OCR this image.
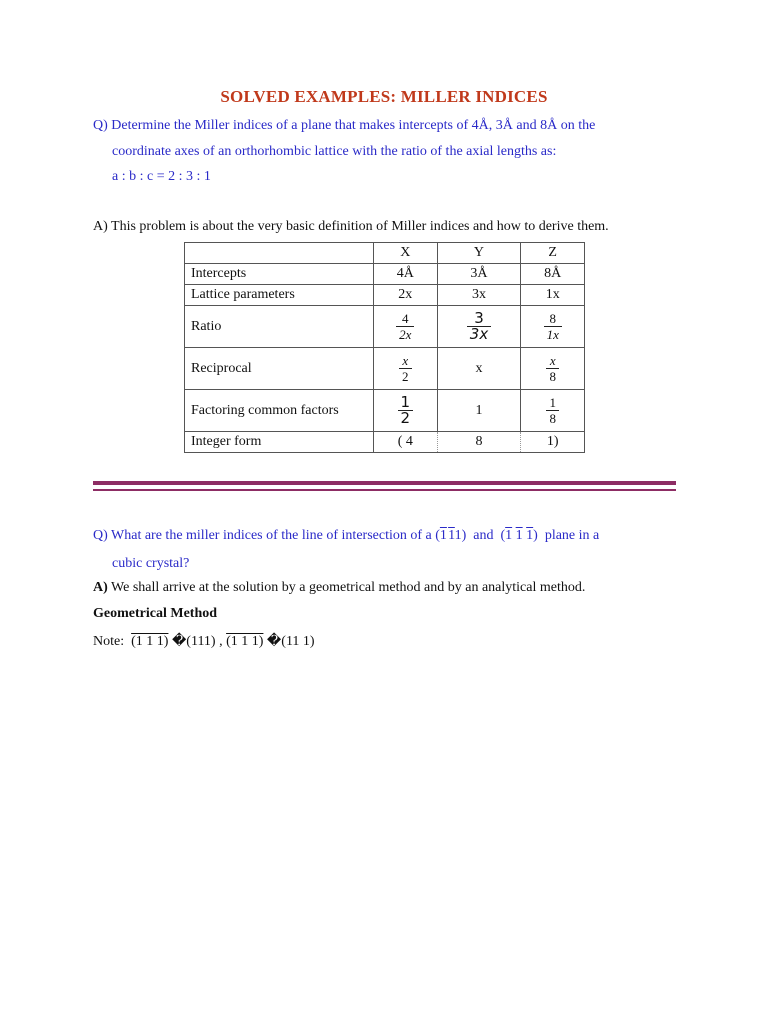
SOLVED EXAMPLES: MILLER INDICES
Q) Determine the Miller indices of a plane that makes intercepts of 4Å, 3Å and 8Å on the
coordinate axes of an orthorhombic lattice with the ratio of the axial lengths as:
a : b : c = 2 : 3 : 1
A) This problem is about the very basic definition of Miller indices and how to derive them.
	X	Y	Z
Intercepts	4Å	3Å	8Å
Lattice parameters	2x	3x	1x
Ratio	$\frac{4}{2x}$	$\frac{3}{3x}$	$\frac{8}{1x}$

Reciprocal	$\frac{x}{2}$	x	$\frac{x}{8}$

Factoring common factors	$\frac{1}{2}$	1	$\frac{1}{8}$

Integer form	( 4	8	1)
Q) What are the miller indices of the line of intersection of a (1 11) and (1 1 1) plane in a
cubic crystal?
A) We shall arrive at the solution by a geometrical method and by an analytical method.
Geometrical Method
Note: (1 1 1) �(111) , (1 1 1) �(11 1)
